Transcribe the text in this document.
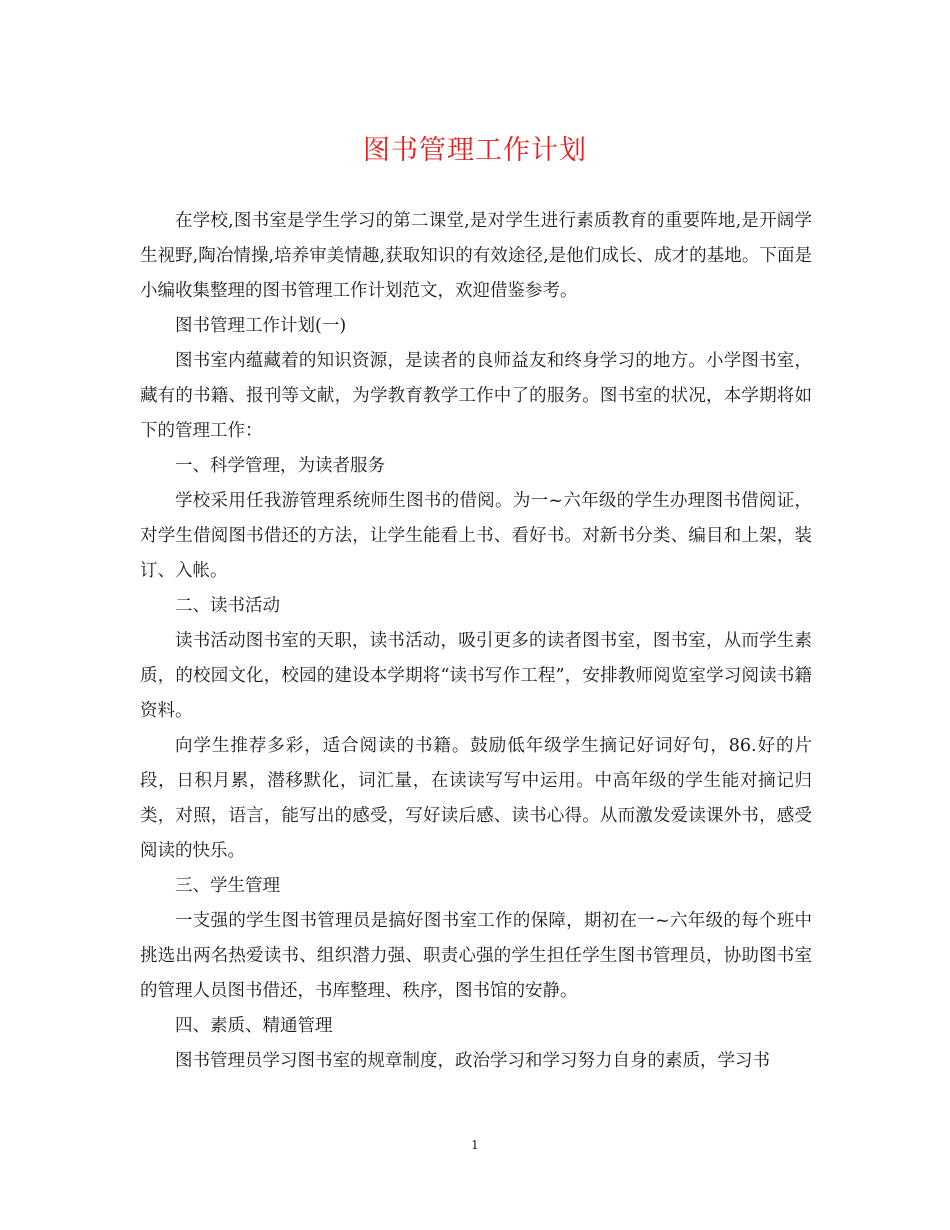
图书管理工作计划

在学校,图书室是学生学习的第二课堂,是对学生进行素质教育的重要阵地,是开阔学生视野,陶冶情操,培养审美情趣,获取知识的有效途径,是他们成长、成才的基地。下面是小编收集整理的图书管理工作计划范文，欢迎借鉴参考。

图书管理工作计划(一)

图书室内蕴藏着的知识资源，是读者的良师益友和终身学习的地方。小学图书室，藏有的书籍、报刊等文献，为学教育教学工作中了的服务。图书室的状况，本学期将如下的管理工作：

一、科学管理，为读者服务

学校采用任我游管理系统师生图书的借阅。为一~六年级的学生办理图书借阅证，对学生借阅图书借还的方法，让学生能看上书、看好书。对新书分类、编目和上架，装订、入帐。

二、读书活动

读书活动图书室的天职，读书活动，吸引更多的读者图书室，图书室，从而学生素质，的校园文化，校园的建设本学期将“读书写作工程”，安排教师阅览室学习阅读书籍资料。

向学生推荐多彩，适合阅读的书籍。鼓励低年级学生摘记好词好句，86.好的片段，日积月累，潜移默化，词汇量，在读读写写中运用。中高年级的学生能对摘记归类，对照，语言，能写出的感受，写好读后感、读书心得。从而激发爱读课外书，感受阅读的快乐。

三、学生管理

一支强的学生图书管理员是搞好图书室工作的保障，期初在一~六年级的每个班中挑选出两名热爱读书、组织潜力强、职责心强的学生担任学生图书管理员，协助图书室的管理人员图书借还，书库整理、秩序，图书馆的安静。

四、素质、精通管理

图书管理员学习图书室的规章制度，政治学习和学习努力自身的素质，学习书

1
